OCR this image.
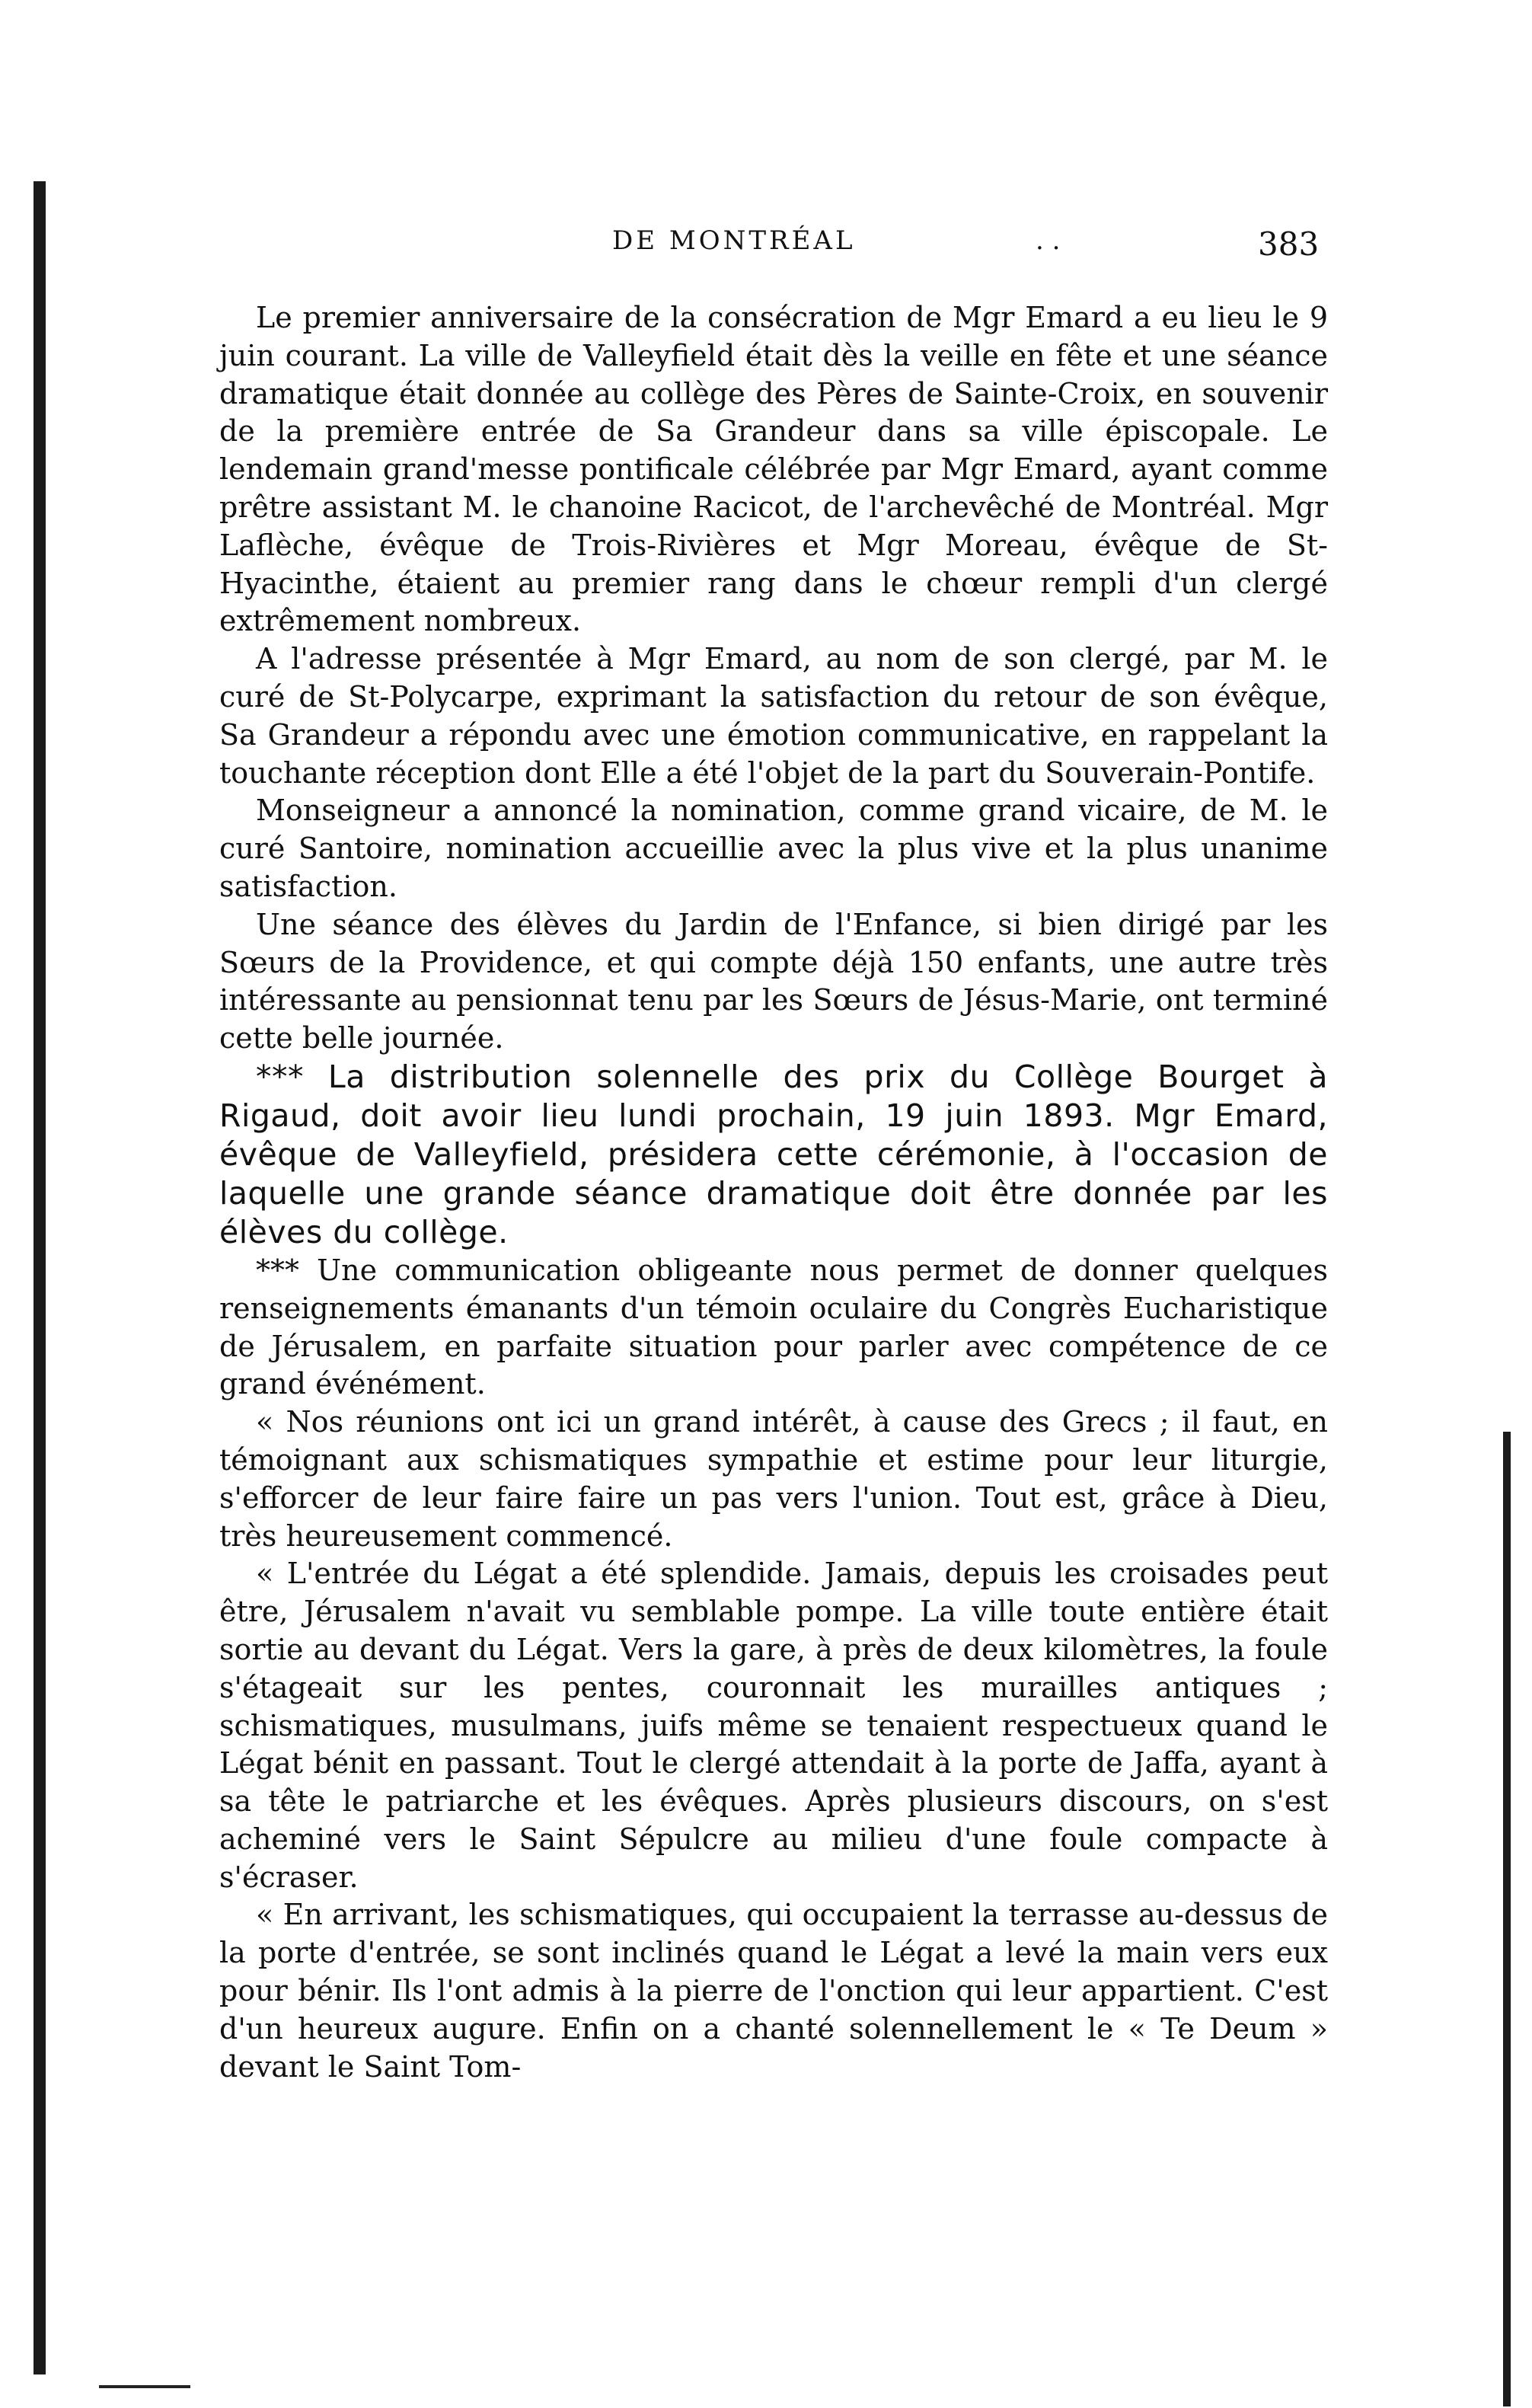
DE MONTRÉAL	. .	383

Le premier anniversaire de la consécration de Mgr Emard a eu lieu le 9 juin courant. La ville de Valleyfield était dès la veille en fête et une séance dramatique était donnée au collège des Pères de Sainte-Croix, en souvenir de la première entrée de Sa Grandeur dans sa ville épiscopale. Le lendemain grand'messe pontificale célébrée par Mgr Emard, ayant comme prêtre assistant M. le chanoine Racicot, de l'archevêché de Montréal. Mgr Laflèche, évêque de Trois-Rivières et Mgr Moreau, évêque de St-Hyacinthe, étaient au premier rang dans le chœur rempli d'un clergé extrêmement nombreux.

A l'adresse présentée à Mgr Emard, au nom de son clergé, par M. le curé de St-Polycarpe, exprimant la satisfaction du retour de son évêque, Sa Grandeur a répondu avec une émotion communicative, en rappelant la touchante réception dont Elle a été l'objet de la part du Souverain-Pontife.

Monseigneur a annoncé la nomination, comme grand vicaire, de M. le curé Santoire, nomination accueillie avec la plus vive et la plus unanime satisfaction.

Une séance des élèves du Jardin de l'Enfance, si bien dirigé par les Sœurs de la Providence, et qui compte déjà 150 enfants, une autre très intéressante au pensionnat tenu par les Sœurs de Jésus-Marie, ont terminé cette belle journée.

*** La distribution solennelle des prix du Collège Bourget à Rigaud, doit avoir lieu lundi prochain, 19 juin 1893. Mgr Emard, évêque de Valleyfield, présidera cette cérémonie, à l'occasion de laquelle une grande séance dramatique doit être donnée par les élèves du collège.

*** Une communication obligeante nous permet de donner quelques renseignements émanants d'un témoin oculaire du Congrès Eucharistique de Jérusalem, en parfaite situation pour parler avec compétence de ce grand événément.

« Nos réunions ont ici un grand intérêt, à cause des Grecs ; il faut, en témoignant aux schismatiques sympathie et estime pour leur liturgie, s'efforcer de leur faire faire un pas vers l'union. Tout est, grâce à Dieu, très heureusement commencé.

« L'entrée du Légat a été splendide. Jamais, depuis les croisades peut être, Jérusalem n'avait vu semblable pompe. La ville toute entière était sortie au devant du Légat. Vers la gare, à près de deux kilomètres, la foule s'étageait sur les pentes, couronnait les murailles antiques ; schismatiques, musulmans, juifs même se tenaient respectueux quand le Légat bénit en passant. Tout le clergé attendait à la porte de Jaffa, ayant à sa tête le patriarche et les évêques. Après plusieurs discours, on s'est acheminé vers le Saint Sépulcre au milieu d'une foule compacte à s'écraser.

« En arrivant, les schismatiques, qui occupaient la terrasse au-dessus de la porte d'entrée, se sont inclinés quand le Légat a levé la main vers eux pour bénir. Ils l'ont admis à la pierre de l'onction qui leur appartient. C'est d'un heureux augure. Enfin on a chanté solennellement le « Te Deum » devant le Saint Tom-
